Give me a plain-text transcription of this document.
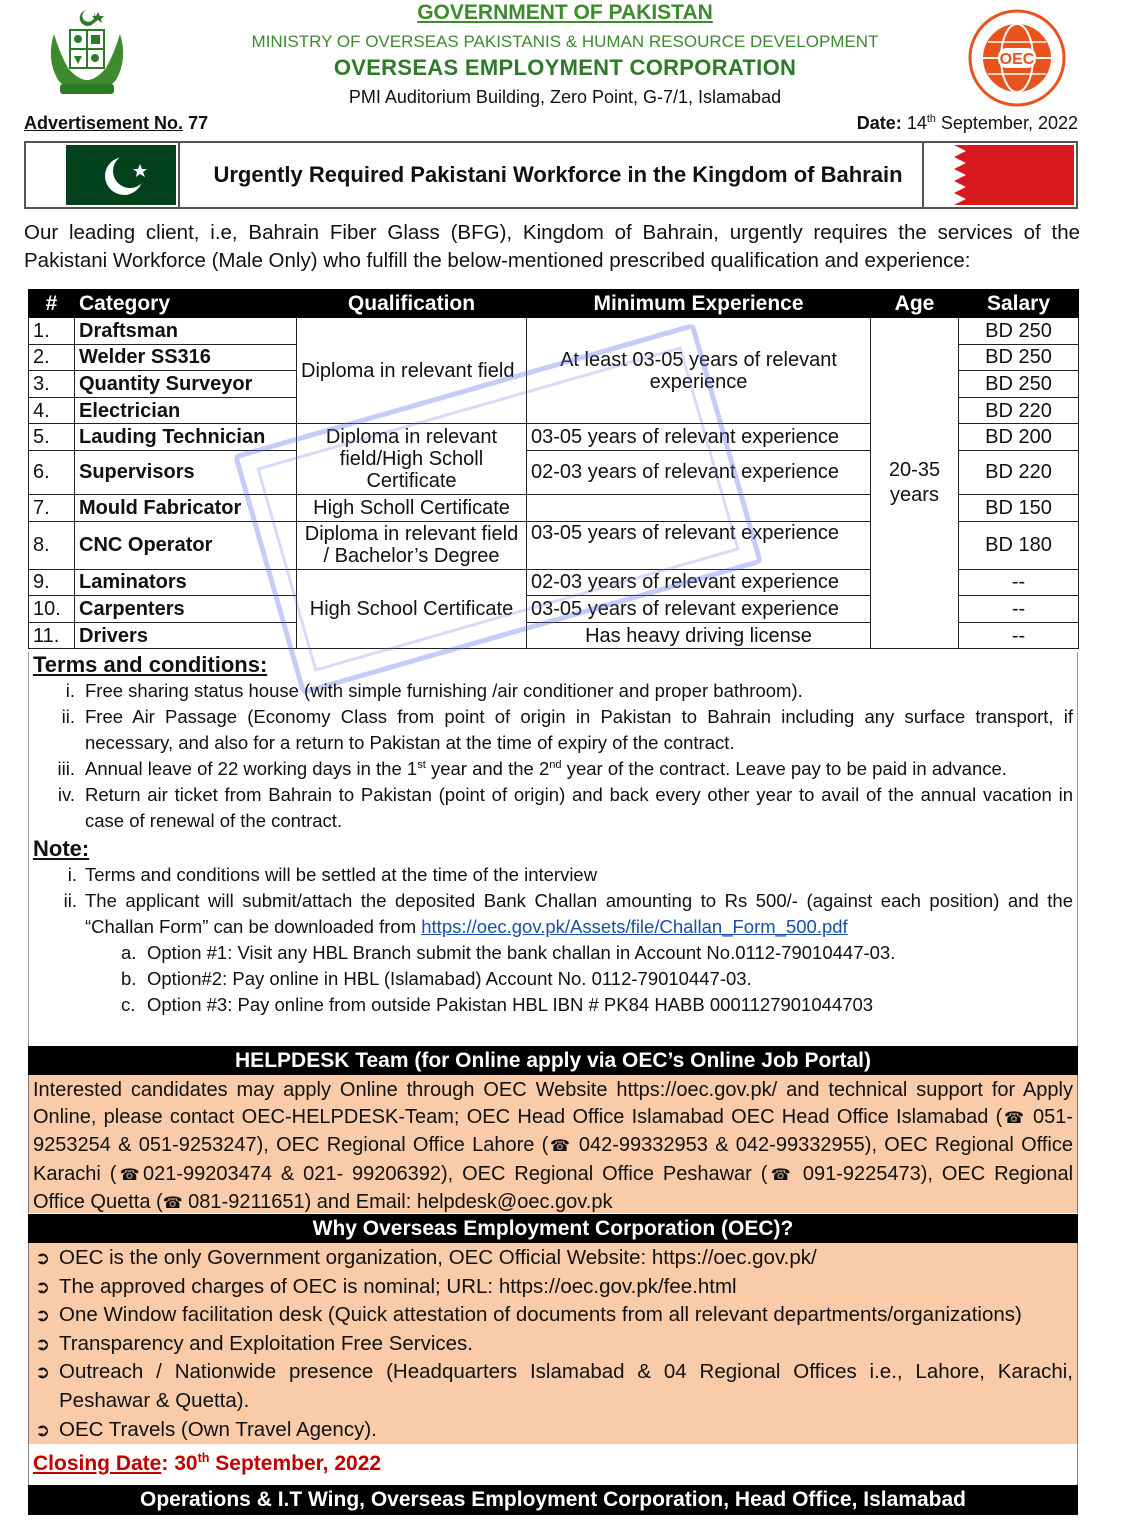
GOVERNMENT OF PAKISTAN
MINISTRY OF OVERSEAS PAKISTANIS & HUMAN RESOURCE DEVELOPMENT
OVERSEAS EMPLOYMENT CORPORATION
PMI Auditorium Building, Zero Point, G-7/1, Islamabad
OEC
Advertisement No. 77	Date: 14th September, 2022
Urgently Required Pakistani Workforce in the Kingdom of Bahrain
Our leading client, i.e, Bahrain Fiber Glass (BFG), Kingdom of Bahrain, urgently requires the services of the Pakistani Workforce (Male Only) who fulfill the below-mentioned prescribed qualification and experience:
#	Category	Qualification	Minimum Experience	Age	Salary
1.	Draftsman	Diploma in relevant field	At least 03-05 years of relevant experience	20-35 years	BD 250
2.	Welder SS316				BD 250
3.	Quantity Surveyor				BD 250
4.	Electrician				BD 220
5.	Lauding Technician	Diploma in relevant field/High Scholl Certificate	03-05 years of relevant experience		BD 200
6.	Supervisors		02-03 years of relevant experience		BD 220
7.	Mould Fabricator	High Scholl Certificate			BD 150
8.	CNC Operator	Diploma in relevant field / Bachelor’s Degree	03-05 years of relevant experience		BD 180
9.	Laminators	High School Certificate	02-03 years of relevant experience		--
10.	Carpenters		03-05 years of relevant experience		--
11.	Drivers		Has heavy driving license		--
Terms and conditions:
i. Free sharing status house (with simple furnishing /air conditioner and proper bathroom).
ii. Free Air Passage (Economy Class from point of origin in Pakistan to Bahrain including any surface transport, if necessary, and also for a return to Pakistan at the time of expiry of the contract.
iii. Annual leave of 22 working days in the 1st year and the 2nd year of the contract. Leave pay to be paid in advance.
iv. Return air ticket from Bahrain to Pakistan (point of origin) and back every other year to avail of the annual vacation in case of renewal of the contract.
Note:
i. Terms and conditions will be settled at the time of the interview
ii. The applicant will submit/attach the deposited Bank Challan amounting to Rs 500/- (against each position) and the “Challan Form” can be downloaded from https://oec.gov.pk/Assets/file/Challan_Form_500.pdf
a. Option #1: Visit any HBL Branch submit the bank challan in Account No.0112-79010447-03.
b. Option#2: Pay online in HBL (Islamabad) Account No. 0112-79010447-03.
c. Option #3: Pay online from outside Pakistan HBL IBN # PK84 HABB 0001127901044703
HELPDESK Team (for Online apply via OEC’s Online Job Portal)
Interested candidates may apply Online through OEC Website https://oec.gov.pk/ and technical support for Apply Online, please contact OEC-HELPDESK-Team; OEC Head Office Islamabad OEC Head Office Islamabad (☎ 051-9253254 & 051-9253247), OEC Regional Office Lahore (☎ 042-99332953 & 042-99332955), OEC Regional Office Karachi (☎021-99203474 & 021- 99206392), OEC Regional Office Peshawar (☎ 091-9225473), OEC Regional Office Quetta (☎ 081-9211651) and Email: helpdesk@oec.gov.pk
Why Overseas Employment Corporation (OEC)?
➲ OEC is the only Government organization, OEC Official Website: https://oec.gov.pk/
➲ The approved charges of OEC is nominal; URL: https://oec.gov.pk/fee.html
➲ One Window facilitation desk (Quick attestation of documents from all relevant departments/organizations)
➲ Transparency and Exploitation Free Services.
➲ Outreach / Nationwide presence (Headquarters Islamabad & 04 Regional Offices i.e., Lahore, Karachi, Peshawar & Quetta).
➲ OEC Travels (Own Travel Agency).
Closing Date: 30th September, 2022
Operations & I.T Wing, Overseas Employment Corporation, Head Office, Islamabad
